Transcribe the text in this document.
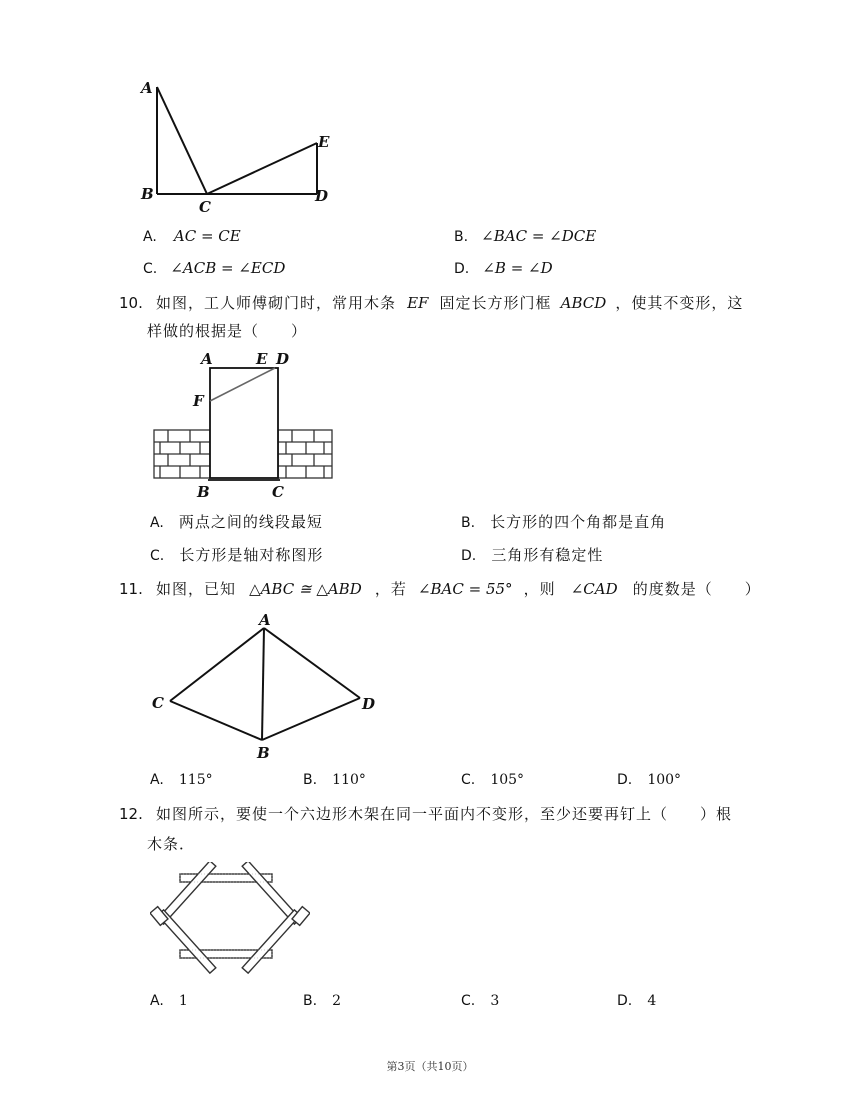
A
B
C
D
E
A. AC = CE	B. ∠BAC = ∠DCE
C. ∠ACB = ∠ECD	D. ∠B = ∠D
10. 如图，工人师傅砌门时，常用木条 EF 固定长方形门框 ABCD ，使其不变形，这
样做的根据是（　　）
A	E D
F
B	C
A. 两点之间的线段最短	B. 长方形的四个角都是直角
C. 长方形是轴对称图形	D. 三角形有稳定性
11. 如图，已知 △ABC ≅ △ABD ，若 ∠BAC = 55° ，则 ∠CAD 的度数是（　　）
A
C	D
B
A. 115°	B. 110°	C. 105°	D. 100°
12. 如图所示，要使一个六边形木架在同一平面内不变形，至少还要再钉上（　　）根
木条．
A. 1	B. 2	C. 3	D. 4
第3页（共10页）
